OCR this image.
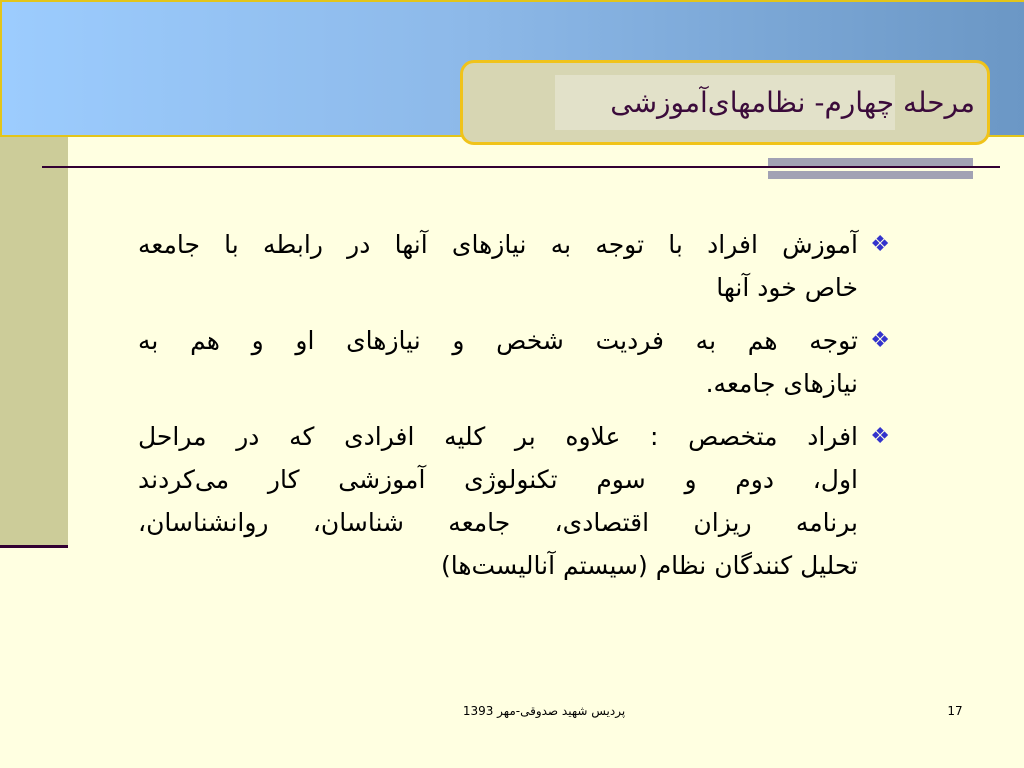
مرحله چهارم- نظامهای‌آموزشی
❖
آموزش افراد با توجه به نیازهای آنها در رابطه با جامعه
خاص خود آنها
❖
توجه هم به فردیت شخص و نیازهای او و هم به
نیازهای جامعه.
❖
افراد متخصص : علاوه بر کلیه افرادی که در مراحل
اول، دوم و سوم تکنولوژی آموزشی کار می‌کردند
برنامه ریزان اقتصادی، جامعه شناسان، روانشناسان،
تحلیل کنندگان نظام (سیستم آنالیست‌ها)
پردیس شهید صدوقی-مهر 1393	17
